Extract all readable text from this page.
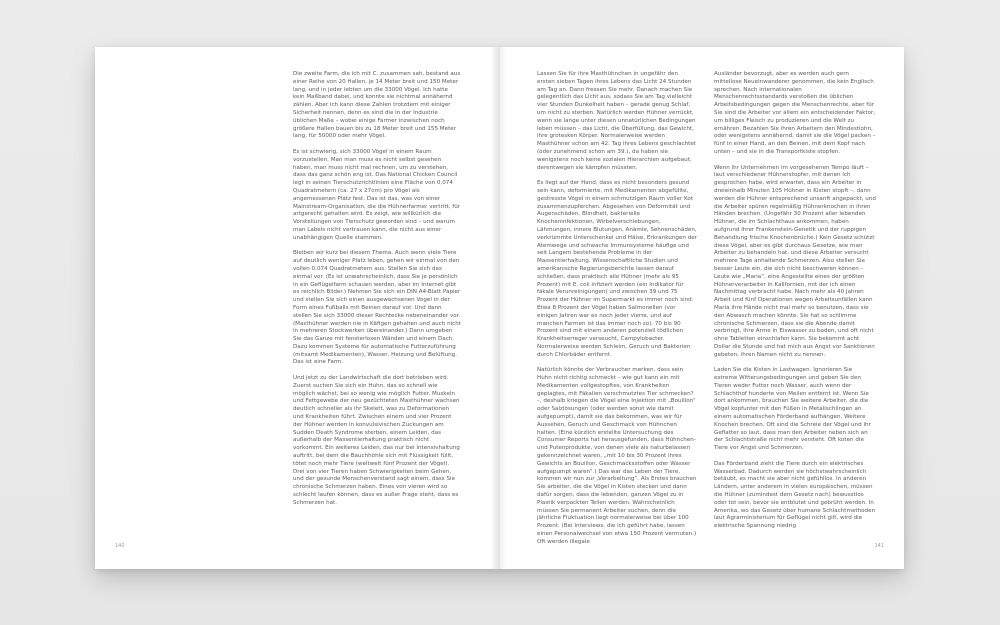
Die zweite Farm, die ich mit C. zusammen sah, bestand aus einer Reihe von 20 Hallen, je 14 Meter breit und 150 Meter lang, und in jeder lebten um die 33000 Vögel. Ich hatte kein Maßband dabei, und konnte sie nichtmal annähernd zählen. Aber ich kann diese Zahlen trotzdem mit einiger Sicherheit nennen, denn es sind die in der Industrie üblichen Maße – wobei einige Farmer inzwischen noch größere Hallen bauen bis zu 18 Meter breit und 155 Meter lang, für 50000 oder mehr Vögel.

Es ist schwierig, sich 33000 Vögel in einem Raum vorzustellen. Man man muss es nicht selbst gesehen haben, man muss nicht mal rechnen, um zu verstehen, dass das ganz schön eng ist. Das National Chicken Council legt in seinen Tierschutzrichtlinien eine Fläche von 0,074 Quadratmetern (ca. 27 x 27cm) pro Vögel als angemessenen Platz fest. Das ist das, was von einer Mainstream-Organisation, die die Hühnerfarmer vertritt, für artgerecht gehalten wird. Es zeigt, wie willkürlich die Vorstellungen von Tierschutz geworden sind – und warum man Labels nicht vertrauen kann, die nicht aus einer unabhängigen Quelle stammen.

Bleiben wir kurz bei diesem Thema. Auch wenn viele Tiere auf deutlich weniger Platz leben, gehen wir einmal von den vollen 0,074 Quadratmetern aus. Stellen Sie sich das einmal vor. (Es ist unwahrscheinlich, dass Sie je persönlich in ein Geflügelfarm schauen werden, aber im Internet gibt es reichlich Bilder.) Nehmen Sie sich ein DIN A4-Blatt Papier und stellen Sie sich einen ausgewachsenen Vogel in der Form eines Fußballs mit Beinen darauf vor. Und dann stellen Sie sich 33000 dieser Rechtecke nebeneinander vor. (Masthühner werden nie in Käfigen gehalten und auch nicht in mehreren Stockwerken übereinander.) Dann umgeben Sie das Ganze mit fensterlosen Wänden und einem Dach. Dazu kommen Systeme für automatische Futterzuführung (mitsamt Medikamenten), Wasser, Heizung und Belüftung. Das ist eine Farm.

Und jetzt zu der Landwirtschaft die dort betrieben wird. Zuerst suchen Sie sich ein Huhn, das so schnell wie möglich wächst, bei so wenig wie möglich Futter. Muskeln und Fettgewebe der neu gezüchteten Masthühner wachsen deutlich schneller als ihr Skelett, was zu Deformationen und Krankheiten führt. Zwischen einem und vier Prozent der Hühner werden in konvulsivischen Zuckungen am Sudden Death Syndrome sterben, einem Leiden, das außerhalb der Massentierhaltung praktisch nicht vorkommt. Ein weiteres Leiden, das nur bei Intensivhaltung auftritt, bei dem die Bauchhöhle sich mit Flüssigkeit füllt, tötet noch mehr Tiere (weltweit fünf Prozent der Vögel). Drei von vier Tieren haben Schwierigkeiten beim Gehen, und der gesunde Menschenverstand sagt einem, dass Sie chronische Schmerzen haben. Eines von vieren wird so schlecht laufen können, dass es außer Frage steht, dass es Schmerzen hat.

140

Lassen Sie für ihre Masthühnchen in ungefähr den ersten sieben Tagen ihres Lebens das Licht 24 Stunden am Tag an. Dann fressen Sie mehr. Danach machen Sie gelegentlich das Licht aus, sodass Sie am Tag vielleicht vier Stunden Dunkelheit haben – gerade genug Schlaf, um nicht zu sterben. Natürlich werden Hühner verrückt, wenn sie lange unter diesen unnatürlichen Bedingungen leben müssen – das Licht, die Überfüllung, das Gewicht, ihre grotesken Körper. Normalerweise werden Masthühner schon am 42. Tag ihres Lebens geschlachtet (oder zunehmend schon am 39.), da haben sie wenigstens noch keine sozialen Hierarchien aufgebaut, derentwegen sie kämpfen müssten.

Es liegt auf der Hand, dass es nicht besonders gesund sein kann, deformierte, mit Medikamenten abgefüllte, gestresste Vögel in einem schmutzigen Raum voller Kot zusammenzupferchen. Abgesehen von Deformität und Augenschäden, Blindheit, bakterielle Knocheninfektionen, Wirbelverschiebungen, Lähmungen, innere Blutungen, Anämie, Sehnenschäden, verkrümmte Unterschenkel und Hälse, Erkrankungen der Atemwege und schwache Immunsysteme häufige und seit Langem bestehende Probleme in der Massentierhaltung. Wissenschaftliche Studien und amerikanische Regierungsberichte lassen darauf schließen, dass praktisch alle Hühner (mehr als 95 Prozent) mit E. coli infiziert werden (ein Indikator für fäkale Verunreinigungen) und zwischen 39 und 75 Prozent der Hühner im Supermarkt es immer noch sind. Etwa 8 Prozent der Vögel haben Salmonellen (vor einigen Jahren war es noch jeder vierte, und auf manchen Farmen ist das immer noch so). 70 bis 90 Prozent sind mit einem anderen potenziell tödlichen Krankheitserreger verseucht, Campylobacter. Normalerweise werden Schleim, Geruch und Bakterien durch Chlorbäder entfernt.

Natürlich könnte der Verbraucher merken, dass sein Huhn nicht richtig schmeckt – wie gut kann ein mit Medikamenten vollgestopftes, von Krankheiten geplagtes, mit Fäkalien verschmutztes Tier schmecken? –, deshalb kriegen die Vögel eine Injektion mit „Bouillon“ oder Salzlösungen (oder werden sonst wie damit aufgepumpt), damit sie das bekommen, was wir für Aussehen, Geruch und Geschmack von Hühnchen halten. (Eine kürzlich erstellte Untersuchung des Consumer Reports hat herausgefunden, dass Hühnchen- und Putenprodukte, von denen viele als naturbelassen gekennzeichnet waren, „mit 10 bis 30 Prozent ihres Gewichts an Bouillon, Geschmacksstoffen oder Wasser aufgepumpt waren“.) Das war das Leben der Tiere, kommen wir nun zur „Verarbeitung“. Als Erstes brauchen Sie arbeiter, die die Vögel in Kisten stecken und dann dafür sorgen, dass die lebenden, ganzen Vögel zu in Plastik verpackten Teilen werden. Wahrscheinlich müssen Sie permanent Arbeiter suchen, denn die jährliche Fluktuation liegt normalerweise bei über 100 Prozent. (Bei Interviews, die ich geführt habe, lassen einen Personalwechsel von etwa 150 Prozent vermuten.) Oft werden illegale

Ausländer bevorzugt, aber es werden auch gern mittellose Neueinwanderer genommen, die kein Englisch sprechen. Nach internationalen Menschenrechtsstandards verstoßen die üblichen Arbeitsbedingungen gegen die Menschenrechte, aber für Sie sind die Arbeiter vor allem ein entscheidender Faktor, um billiges Fleisch zu produzieren und die Welt zu ernähren. Bezahlen Sie ihren Arbeitern den Mindestlohn, oder wenigstens annähernd, damit sie die Vögel packen – fünf in einer Hand, an den Beinen, mit dem Kopf nach unten – und sie in die Transportkiste stopfen.

Wenn ihr Unternehmen im vorgesehenen Tempo läuft – laut verschiedener Hühnerstopfer, mit denen ich gesprochen habe, wird erwartet, dass ein Arbeiter in dreieinhalb Minuten 105 Hühner in Kisten stopft –, dann werden die Hühner entsprechend unsanft angepackt, und die Arbeiter spüren regelmäßig Hühnerknochen in ihren Händen brechen. (Ungefähr 30 Prozent aller lebenden Hühner, die im Schlachthaus ankommen, haben aufgrund ihrer Frankenstein-Genetik und der ruppigen Behandlung frische Knochenbrüche.) Kein Gesetz schützt diese Vögel, aber es gibt durchaus Gesetze, wie man Arbeiter zu behandeln hat, und diese Arbeiter versucht mehrere Tage anhaltende Schmerzen. Also stellen Sie besser Leute ein, die sich nicht beschweren können – Leute wie „Maria“, eine Angestellte eines der größten Hühnerverarbeiter in Kalifornien, mit der ich einen Nachmittag verbracht habe. Nach mehr als 40 Jahren Arbeit und fünf Operationen wegen Arbeitsunfällen kann Maria ihre Hände nicht mal mehr so benutzen, dass sie den Abwasch machen könnte. Sie hat so schlimme chronische Schmerzen, dass sie die Abende damit verbringt, ihre Arme in Eiswasser zu baden, und oft nicht ohne Tabletten einschlafen kann. Sie bekommt acht Dollar die Stunde und hat mich aus Angst vor Sanktionen gebeten, ihren Namen nicht zu nennen.

Laden Sie die Kisten in Lastwagen. Ignorieren Sie extreme Witterungsbedingungen und geben Sie den Tieren weder Futter noch Wasser, auch wenn der Schlachthof hunderte von Meilen entfernt ist. Wenn Sie dort ankommen, brauchen Sie weitere Arbeiter, die die Vögel kopfunter mit den Füßen in Metallschlingen an einem automatischen Förderband aufhängen. Weitere Knochen brechen. Oft sind die Schreie der Vögel und ihr Geflatter so laut, dass man den Arbeiter neben sich an der Schlachtstraße nicht mehr versteht. Oft koten die Tiere vor Angst und Schmerzen.

Das Förderband zieht die Tiere durch ein elektrisches Wasserbad. Dadurch werden sie höchstwahrscheinlich betäubt, es macht sie aber nicht gefühllos. In anderen Ländern, unter anderem in vielen europäischen, müssen die Hühner (zumindest dem Gesetz nach) bewusstlos oder tot sein, bevor sie entblutet und gebrüht werden. In Amerika, wo das Gesetz über humane Schlachtmethoden laut Agrarministerium für Geflügel nicht gilt, wird die elektrische Spannung niedrig

141
